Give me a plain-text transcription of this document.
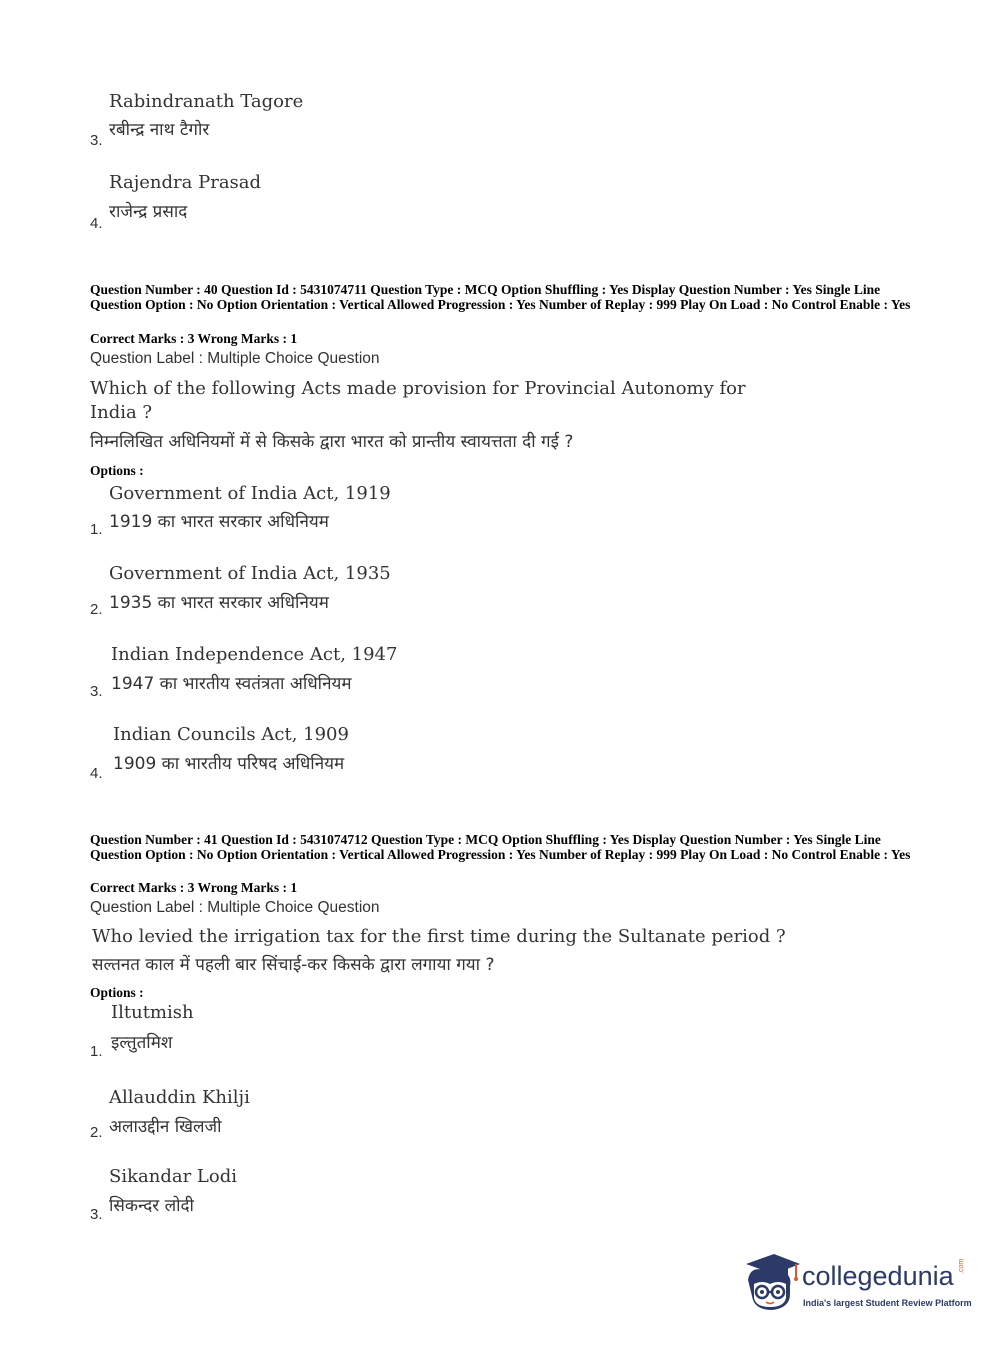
Rabindranath Tagore
रबीन्द्र नाथ टैगोर
3.
Rajendra Prasad
राजेन्द्र प्रसाद
4.
Question Number : 40 Question Id : 5431074711 Question Type : MCQ Option Shuffling : Yes Display Question Number : Yes Single Line Question Option : No Option Orientation : Vertical Allowed Progression : Yes Number of Replay : 999 Play On Load : No Control Enable : Yes
Correct Marks : 3 Wrong Marks : 1
Question Label : Multiple Choice Question
Which of the following Acts made provision for Provincial Autonomy for India ?
निम्नलिखित अधिनियमों में से किसके द्वारा भारत को प्रान्तीय स्वायत्तता दी गई ?
Options :
Government of India Act, 1919
1919 का भारत सरकार अधिनियम
1.
Government of India Act, 1935
1935 का भारत सरकार अधिनियम
2.
Indian Independence Act, 1947
1947 का भारतीय स्वतंत्रता अधिनियम
3.
Indian Councils Act, 1909
1909 का भारतीय परिषद अधिनियम
4.
Question Number : 41 Question Id : 5431074712 Question Type : MCQ Option Shuffling : Yes Display Question Number : Yes Single Line Question Option : No Option Orientation : Vertical Allowed Progression : Yes Number of Replay : 999 Play On Load : No Control Enable : Yes
Correct Marks : 3 Wrong Marks : 1
Question Label : Multiple Choice Question
Who levied the irrigation tax for the first time during the Sultanate period ?
सल्तनत काल में पहली बार सिंचाई-कर किसके द्वारा लगाया गया ?
Options :
Iltutmish
इल्तुतमिश
1.
Allauddin Khilji
अलाउद्दीन खिलजी
2.
Sikandar Lodi
सिकन्दर लोदी
3.
collegedunia .com
India's largest Student Review Platform
